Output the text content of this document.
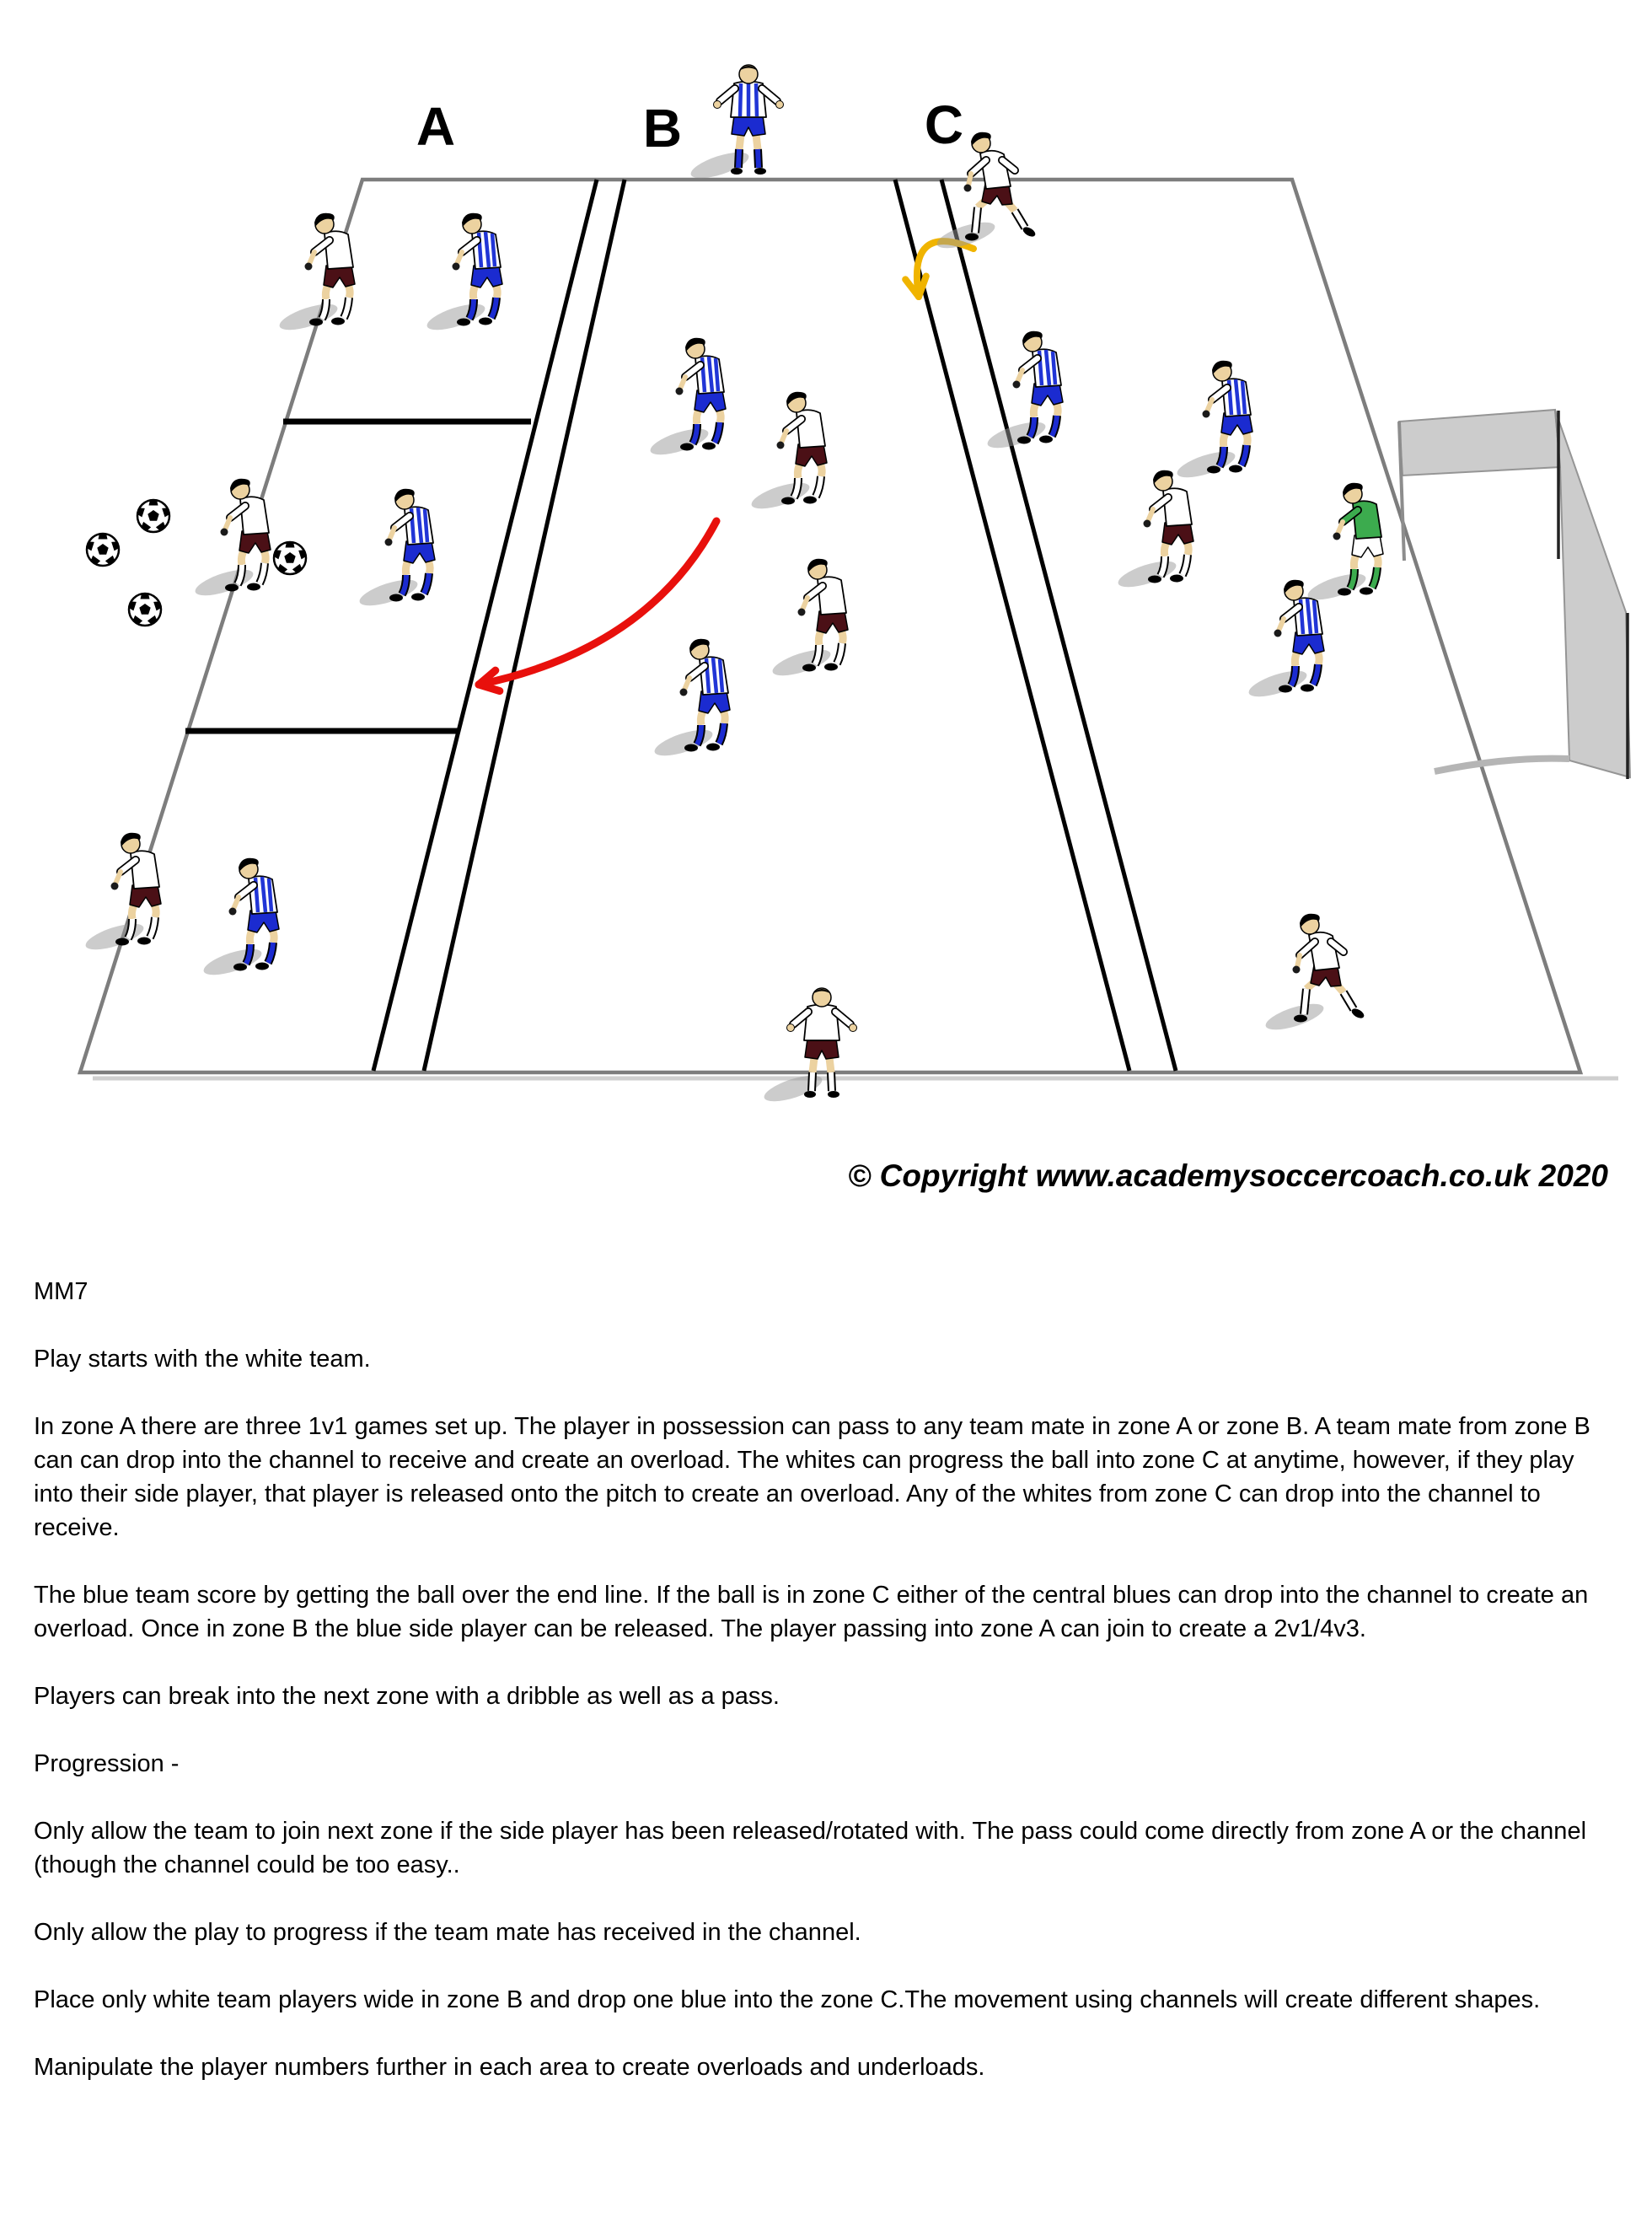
A	B	C
© Copyright www.academysoccercoach.co.uk 2020

MM7

Play starts with the white team.

In zone A there are three 1v1 games set up. The player in possession can pass to any team mate in zone A or zone B. A team mate from zone B can can drop into the channel to receive and create an overload. The whites can progress the ball into zone C at anytime, however, if they play into their side player, that player is released onto the pitch to create an overload. Any of the whites from zone C can drop into the channel to receive.

The blue team score by getting the ball over the end line. If the ball is in zone C either of the central blues can drop into the channel to create an overload. Once in zone B the blue side player can be released. The player passing into zone A can join to create a 2v1/4v3.

Players can break into the next zone with a dribble as well as a pass.

Progression -

Only allow the team to join next zone if the side player has been released/rotated with. The pass could come directly from zone A or the channel (though the channel could be too easy..

Only allow the play to progress if the team mate has received in the channel.

Place only white team players wide in zone B and drop one blue into the zone C.The movement using channels will create different shapes.

Manipulate the player numbers further in each area to create overloads and underloads.
